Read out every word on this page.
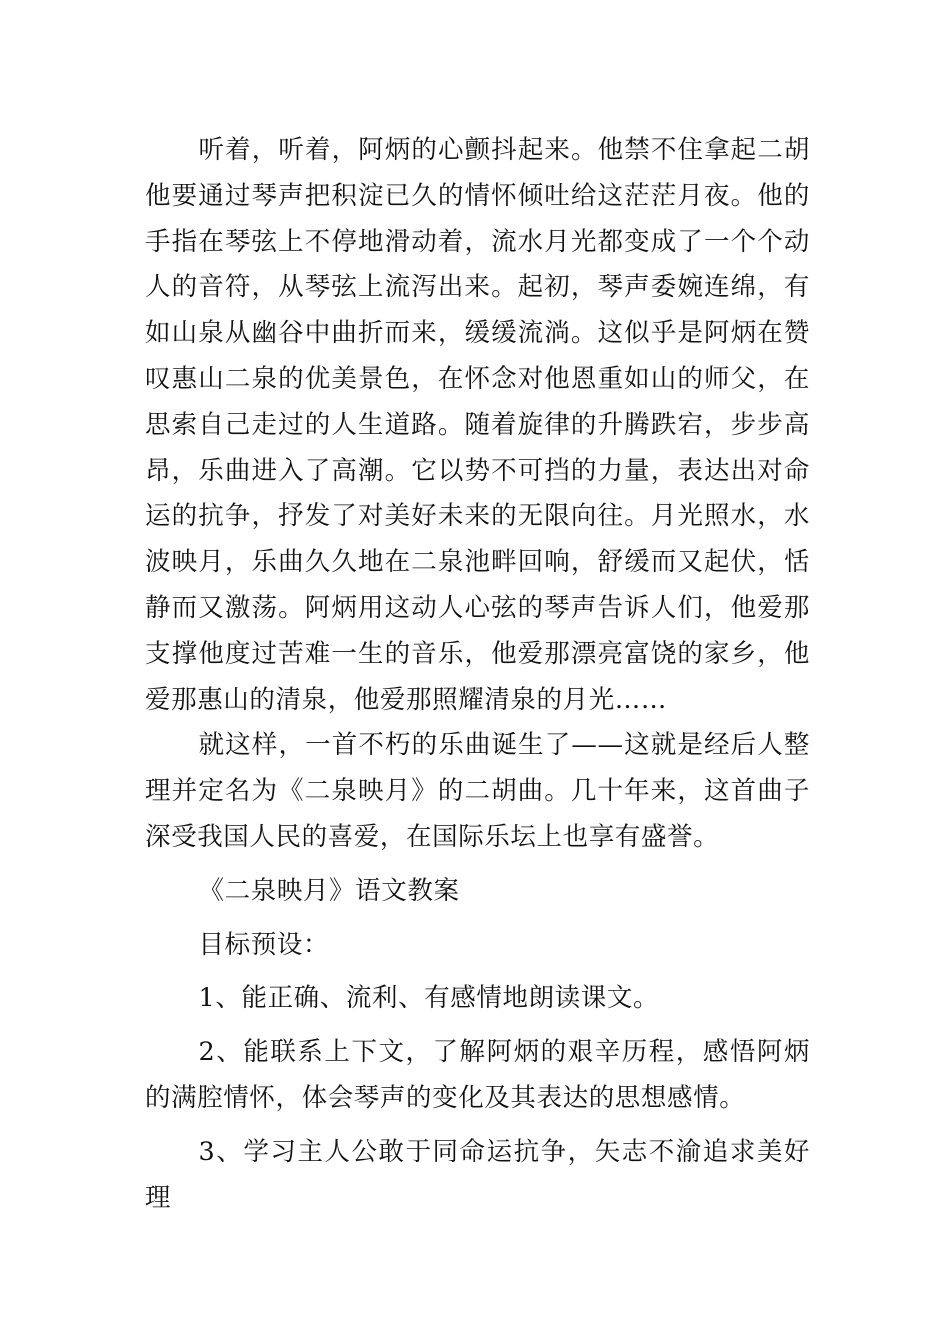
听着，听着，阿炳的心颤抖起来。他禁不住拿起二胡他要通过琴声把积淀已久的情怀倾吐给这茫茫月夜。他的手指在琴弦上不停地滑动着，流水月光都变成了一个个动人的音符，从琴弦上流泻出来。起初，琴声委婉连绵，有如山泉从幽谷中曲折而来，缓缓流淌。这似乎是阿炳在赞叹惠山二泉的优美景色，在怀念对他恩重如山的师父，在思索自己走过的人生道路。随着旋律的升腾跌宕，步步高昂，乐曲进入了高潮。它以势不可挡的力量，表达出对命运的抗争，抒发了对美好未来的无限向往。月光照水，水波映月，乐曲久久地在二泉池畔回响，舒缓而又起伏，恬静而又激荡。阿炳用这动人心弦的琴声告诉人们，他爱那支撑他度过苦难一生的音乐，他爱那漂亮富饶的家乡，他爱那惠山的清泉，他爱那照耀清泉的月光……

就这样，一首不朽的乐曲诞生了——这就是经后人整理并定名为《二泉映月》的二胡曲。几十年来，这首曲子深受我国人民的喜爱，在国际乐坛上也享有盛誉。

《二泉映月》语文教案

目标预设：

1、能正确、流利、有感情地朗读课文。

2、能联系上下文，了解阿炳的艰辛历程，感悟阿炳的满腔情怀，体会琴声的变化及其表达的思想感情。

3、学习主人公敢于同命运抗争，矢志不渝追求美好理
